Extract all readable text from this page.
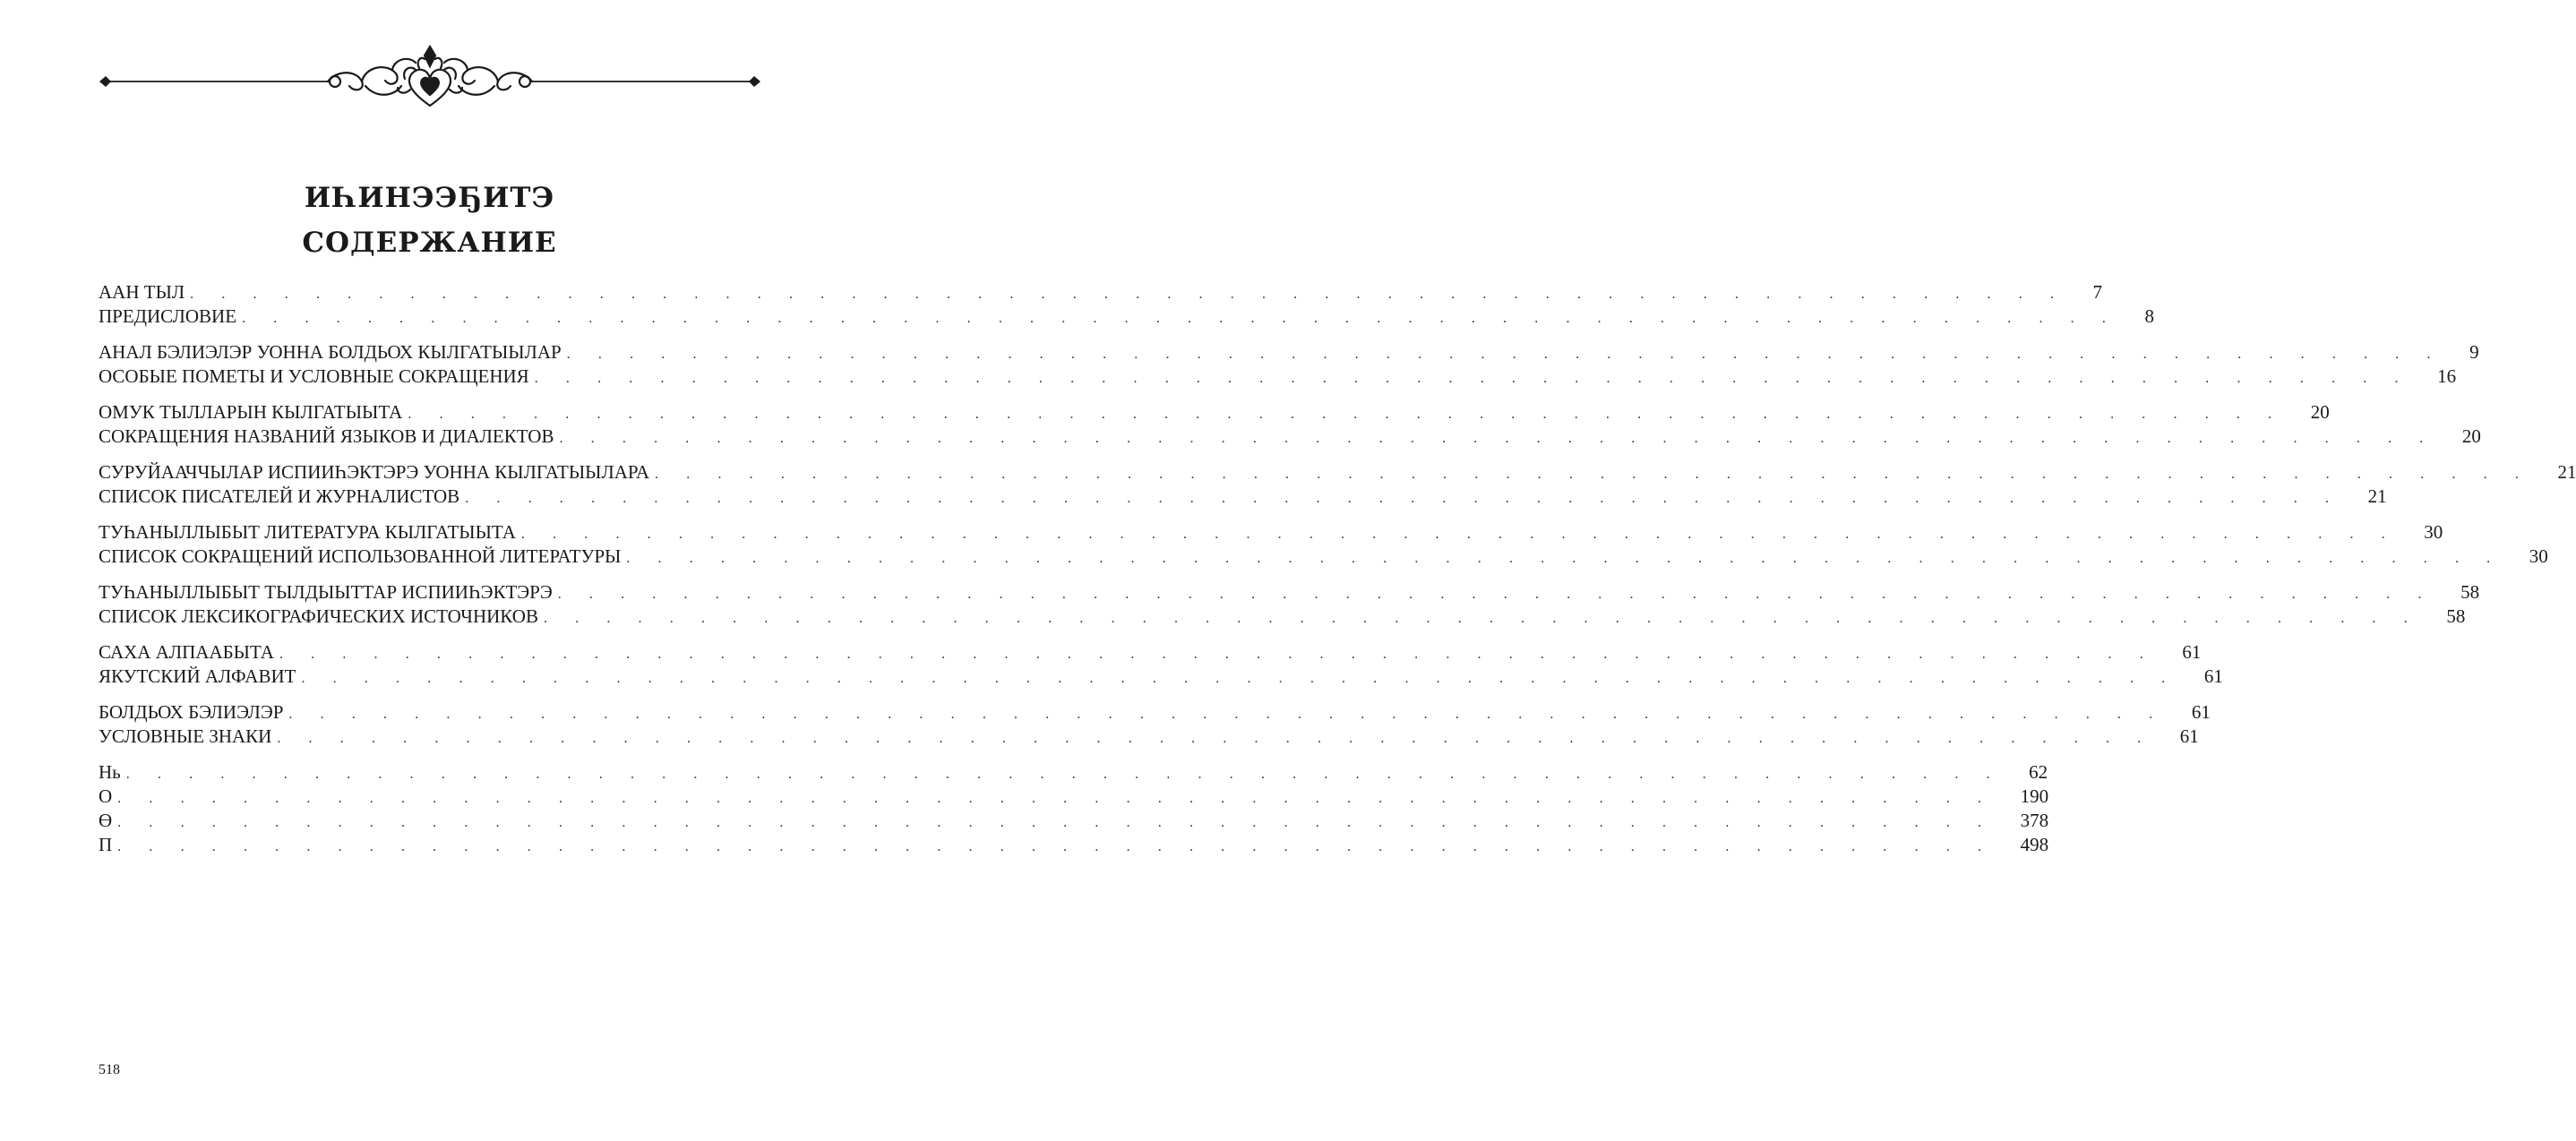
ИҺИНЭЭҔИТЭ
СОДЕРЖАНИЕ
ААН ТЫЛ . . . . . . . . . . . . . . . . . . . . . . . . . . . . . . . . . . . . . . . . . . . . . . . . . . . . . . . . . . . .	7
ПРЕДИСЛОВИЕ . . . . . . . . . . . . . . . . . . . . . . . . . . . . . . . . . . . . . . . . . . . . . . . . . . . . . . . . . . . .	8
АНАЛ БЭЛИЭЛЭР УОННА БОЛДЬОХ КЫЛГАТЫЫЛАР . . . . . . . . . . . . . . . . . . . . . . . . . . . . . . . . . . . . . . . . . . . . . . . . . . . . . . . . . . . .	9
ОСОБЫЕ ПОМЕТЫ И УСЛОВНЫЕ СОКРАЩЕНИЯ . . . . . . . . . . . . . . . . . . . . . . . . . . . . . . . . . . . . . . . . . . . . . . . . . . . . . . . . . . . .	16
ОМУК ТЫЛЛАРЫН КЫЛГАТЫЫТА . . . . . . . . . . . . . . . . . . . . . . . . . . . . . . . . . . . . . . . . . . . . . . . . . . . . . . . . . . . .	20
СОКРАЩЕНИЯ НАЗВАНИЙ ЯЗЫКОВ И ДИАЛЕКТОВ . . . . . . . . . . . . . . . . . . . . . . . . . . . . . . . . . . . . . . . . . . . . . . . . . . . . . . . . . . . .	20
СУРУЙААЧЧЫЛАР ИСПИИҺЭКТЭРЭ УОННА КЫЛГАТЫЫЛАРА . . . . . . . . . . . . . . . . . . . . . . . . . . . . . . . . . . . . . . . . . . . . . . . . . . . . . . . . . . . .	21
СПИСОК ПИСАТЕЛЕЙ И ЖУРНАЛИСТОВ . . . . . . . . . . . . . . . . . . . . . . . . . . . . . . . . . . . . . . . . . . . . . . . . . . . . . . . . . . . .	21
ТУҺАНЫЛЛЫБЫТ ЛИТЕРАТУРА КЫЛГАТЫЫТА . . . . . . . . . . . . . . . . . . . . . . . . . . . . . . . . . . . . . . . . . . . . . . . . . . . . . . . . . . . .	30
СПИСОК СОКРАЩЕНИЙ ИСПОЛЬЗОВАННОЙ ЛИТЕРАТУРЫ . . . . . . . . . . . . . . . . . . . . . . . . . . . . . . . . . . . . . . . . . . . . . . . . . . . . . . . . . . . .	30
ТУҺАНЫЛЛЫБЫТ ТЫЛДЫЫТТАР ИСПИИҺЭКТЭРЭ . . . . . . . . . . . . . . . . . . . . . . . . . . . . . . . . . . . . . . . . . . . . . . . . . . . . . . . . . . . .	58
СПИСОК ЛЕКСИКОГРАФИЧЕСКИХ ИСТОЧНИКОВ . . . . . . . . . . . . . . . . . . . . . . . . . . . . . . . . . . . . . . . . . . . . . . . . . . . . . . . . . . . .	58
САХА АЛПААБЫТА . . . . . . . . . . . . . . . . . . . . . . . . . . . . . . . . . . . . . . . . . . . . . . . . . . . . . . . . . . . .	61
ЯКУТСКИЙ АЛФАВИТ . . . . . . . . . . . . . . . . . . . . . . . . . . . . . . . . . . . . . . . . . . . . . . . . . . . . . . . . . . . .	61
БОЛДЬОХ БЭЛИЭЛЭР . . . . . . . . . . . . . . . . . . . . . . . . . . . . . . . . . . . . . . . . . . . . . . . . . . . . . . . . . . . .	61
УСЛОВНЫЕ ЗНАКИ . . . . . . . . . . . . . . . . . . . . . . . . . . . . . . . . . . . . . . . . . . . . . . . . . . . . . . . . . . . .	61
Нь . . . . . . . . . . . . . . . . . . . . . . . . . . . . . . . . . . . . . . . . . . . . . . . . . . . . . . . . . . . .	62
О . . . . . . . . . . . . . . . . . . . . . . . . . . . . . . . . . . . . . . . . . . . . . . . . . . . . . . . . . . . .	190
Ө . . . . . . . . . . . . . . . . . . . . . . . . . . . . . . . . . . . . . . . . . . . . . . . . . . . . . . . . . . . .	378
П . . . . . . . . . . . . . . . . . . . . . . . . . . . . . . . . . . . . . . . . . . . . . . . . . . . . . . . . . . . .	498
518
